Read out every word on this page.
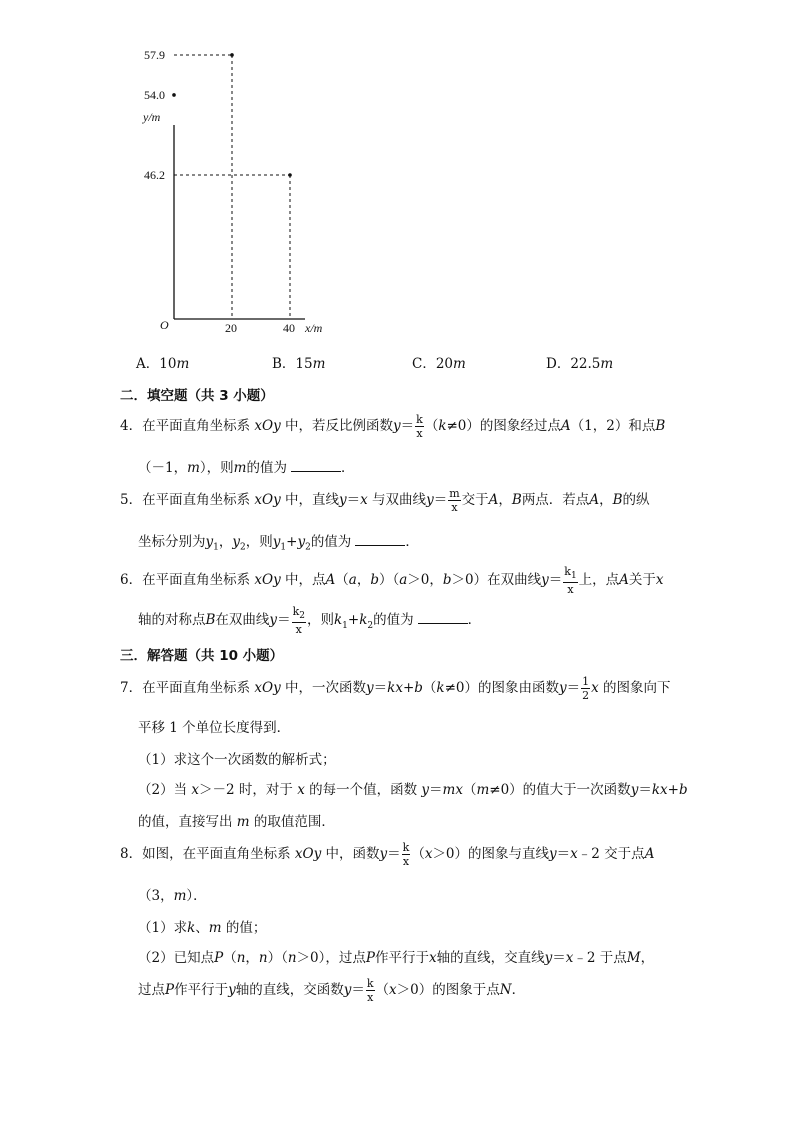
y/m
x/m
O	20	40
57.9
54.0
46.2
A．10m	B．15m	C．20m	D．22.5m
二．填空题（共 3 小题）
4．在平面直角坐标系 xOy 中，若反比例函数$y= \frac{k}{x} (k\ne 0)$的图象经过点A（1，2）和点B
（－1，m），则m的值为	．
5．在平面直角坐标系 xOy 中，直线y＝x 与双曲线$y= \frac{m}{x}$ 交于A，B两点．若点A，B的纵
坐标分别为$y_1$，$y_2$，则$y_1+y_2$的值为	．
6．在平面直角坐标系 xOy 中，点A（a，b）（a＞0，b＞0）在双曲线$y= \frac{k_1}{x}$ 上，点A关于x
轴的对称点B在双曲线$y= \frac{k_2}{x}$ ，则$k_1+k_2$的值为	．
三．解答题（共 10 小题）
7．在平面直角坐标系 xOy 中，一次函数y＝kx+b（k≠0）的图象由函数$y= \frac{1}{2}$ x 的图象向下
平移 1 个单位长度得到．
（1）求这个一次函数的解析式；
（2）当 x＞－2 时，对于 x 的每一个值，函数 y＝mx（m≠0）的值大于一次函数y＝kx+b
的值，直接写出 m 的取值范围．
8．如图，在平面直角坐标系 xOy 中，函数$y= \frac{k}{x} (x>0)$的图象与直线y＝x﹣2 交于点A
（3，m）．
（1）求k、m 的值；
（2）已知点P（n，n）（n＞0），过点P作平行于x轴的直线，交直线y＝x﹣2 于点M，
过点P作平行于y轴的直线，交函数$y= \frac{k}{x} (x>0)$的图象于点N．
